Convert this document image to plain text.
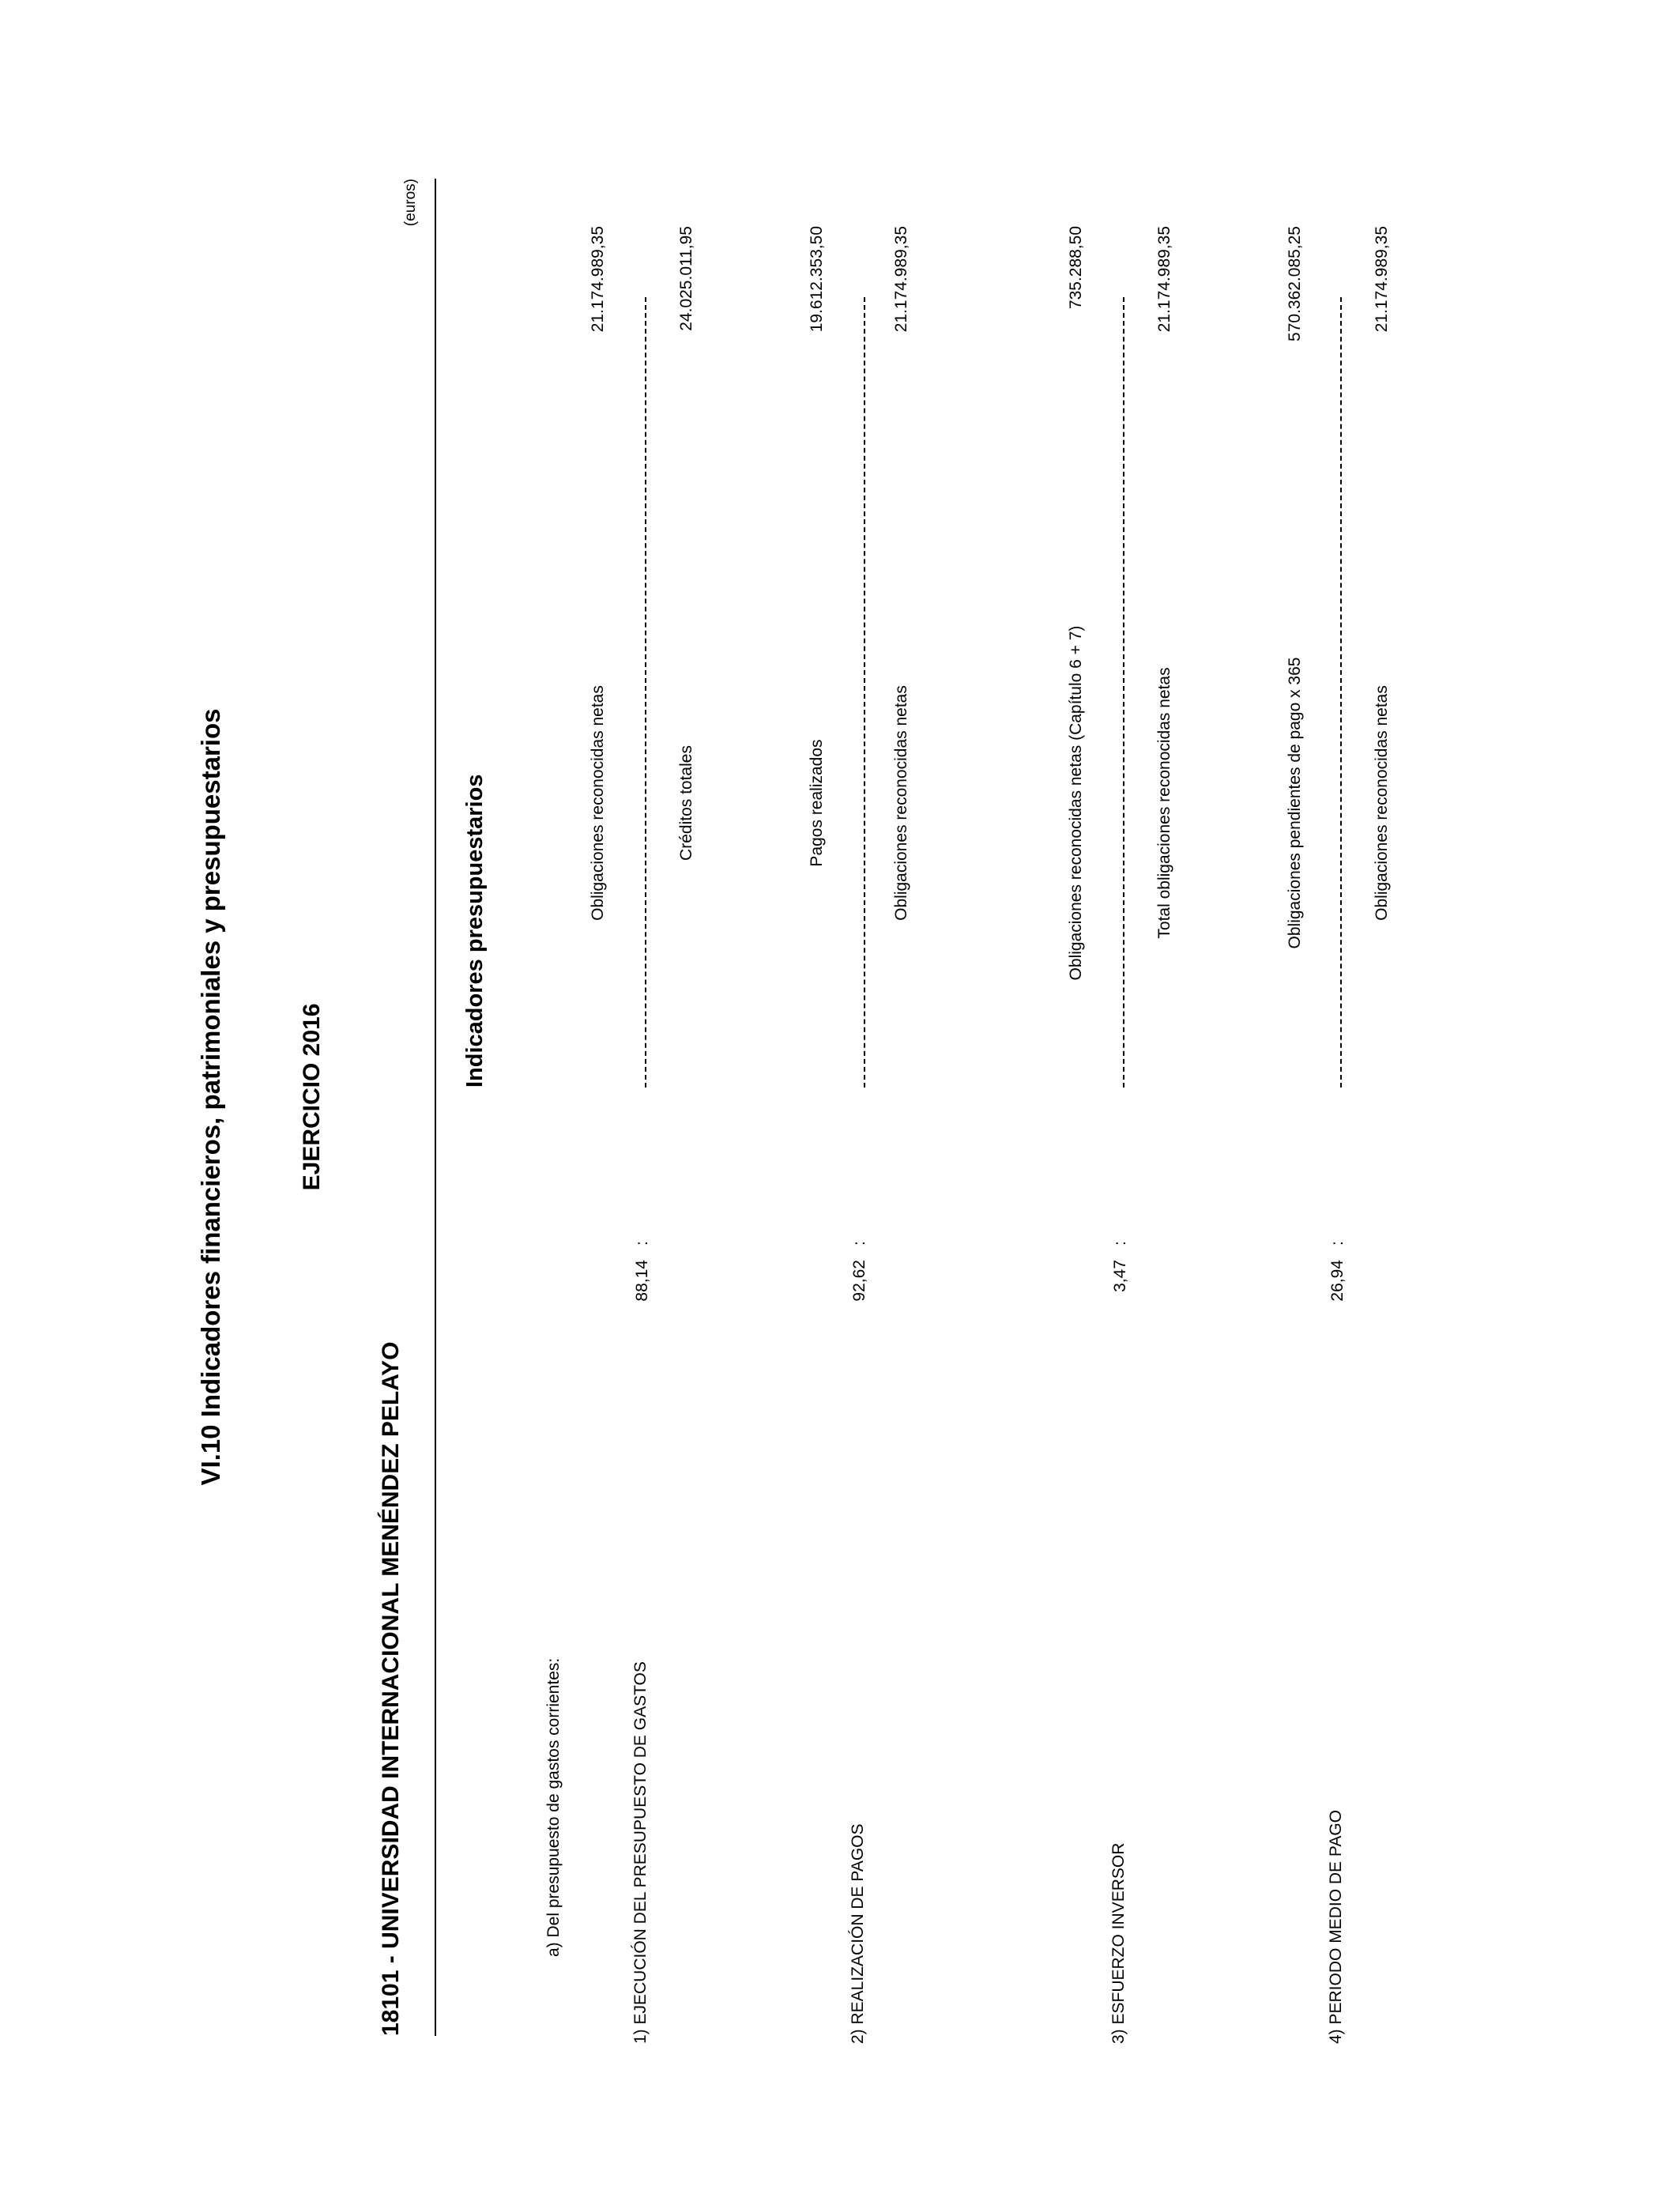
VI.10 Indicadores financieros, patrimoniales y presupuestarios	EJERCICIO 2016
18101 - UNIVERSIDAD INTERNACIONAL MENÉNDEZ PELAYO
(euros)
Indicadores presupuestarios
a) Del presupuesto de gastos corrientes:	1) EJECUCIÓN DEL PRESUPUESTO DE GASTOS
88,14
:
Obligaciones reconocidas netas	Créditos totales
21.174.989,35	24.025.011,95
2) REALIZACIÓN DE PAGOS
92,62
:
Pagos realizados	Obligaciones reconocidas netas
19.612.353,50	21.174.989,35
3) ESFUERZO INVERSOR
3,47
:
Obligaciones reconocidas netas (Capítulo 6 + 7)	Total obligaciones reconocidas netas
735.288,50	21.174.989,35
4) PERIODO MEDIO DE PAGO
26,94
:
Obligaciones pendientes de pago x 365	Obligaciones reconocidas netas
570.362.085,25	21.174.989,35
